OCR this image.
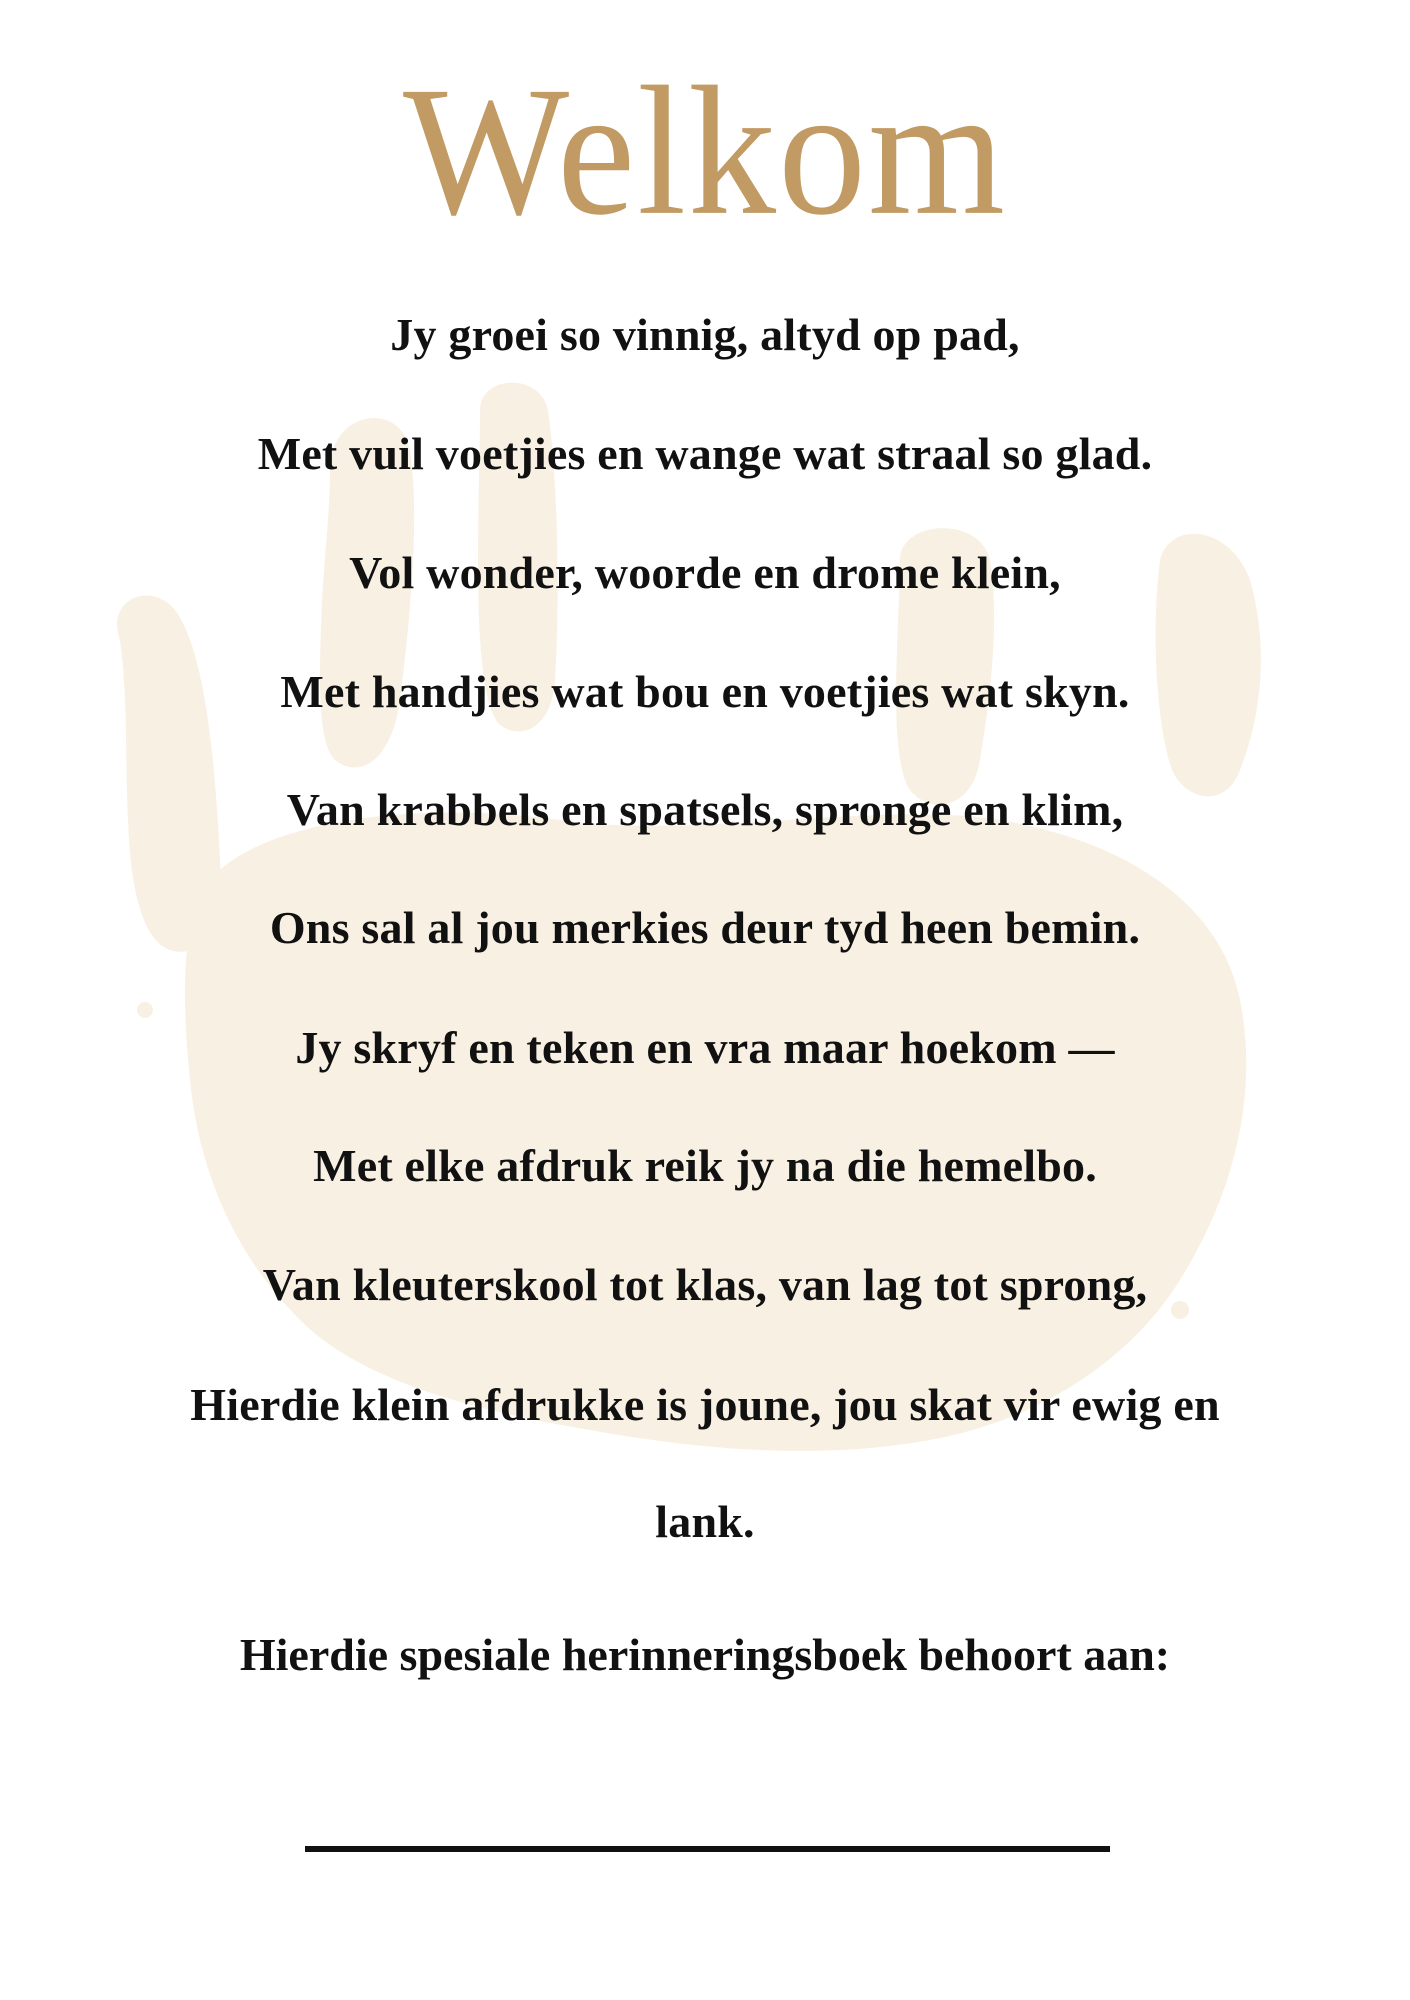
Welkom
Jy groei so vinnig, altyd op pad,
Met vuil voetjies en wange wat straal so glad.
Vol wonder, woorde en drome klein,
Met handjies wat bou en voetjies wat skyn.
Van krabbels en spatsels, spronge en klim,
Ons sal al jou merkies deur tyd heen bemin.
Jy skryf en teken en vra maar hoekom —
Met elke afdruk reik jy na die hemelbo.
Van kleuterskool tot klas, van lag tot sprong,
Hierdie klein afdrukke is joune, jou skat vir ewig en
lank.
Hierdie spesiale herinneringsboek behoort aan:
